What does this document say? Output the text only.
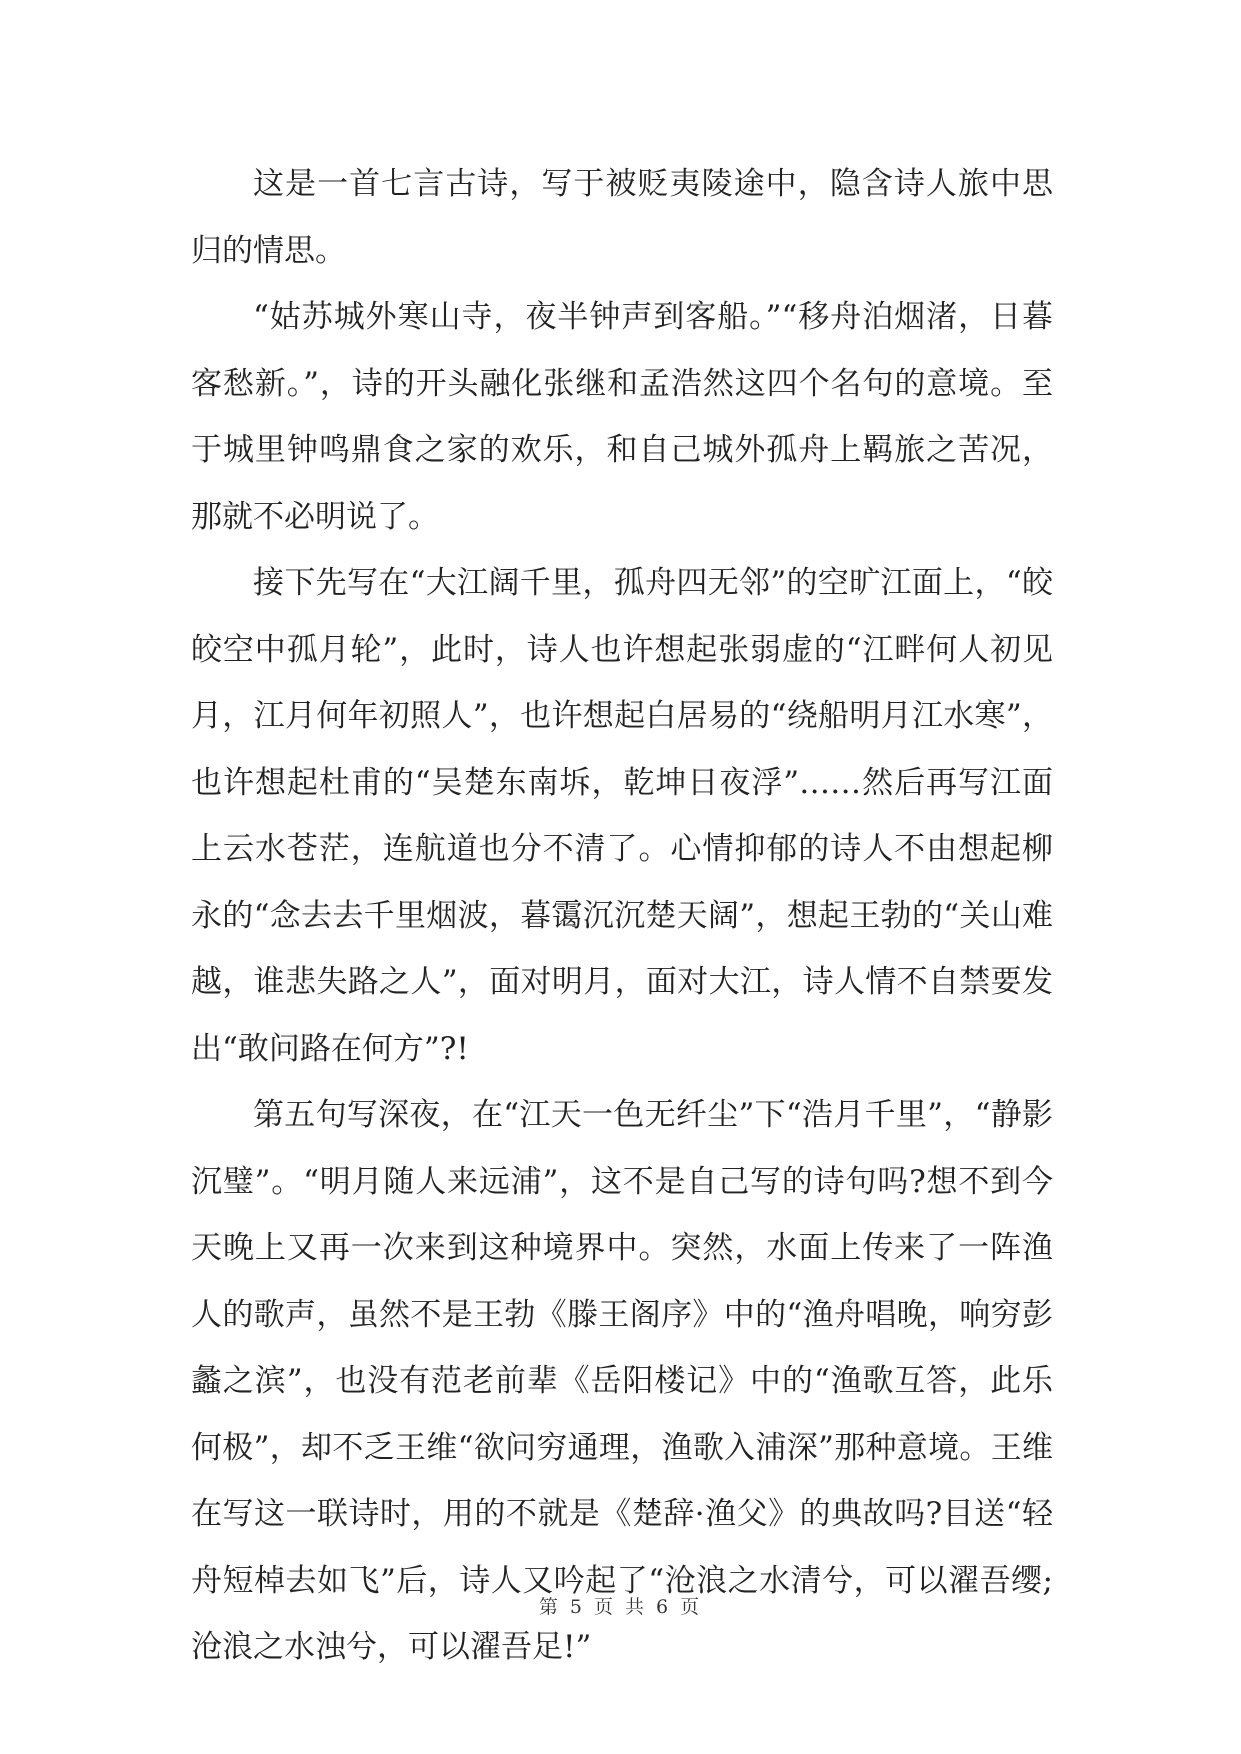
这是一首七言古诗，写于被贬夷陵途中，隐含诗人旅中思归的情思。

“姑苏城外寒山寺，夜半钟声到客船。”“移舟泊烟渚，日暮客愁新。”，诗的开头融化张继和孟浩然这四个名句的意境。至于城里钟鸣鼎食之家的欢乐，和自己城外孤舟上羁旅之苦况，那就不必明说了。

接下先写在“大江阔千里，孤舟四无邻”的空旷江面上，“皎皎空中孤月轮”，此时，诗人也许想起张弱虚的“江畔何人初见月，江月何年初照人”，也许想起白居易的“绕船明月江水寒”，也许想起杜甫的“吴楚东南坼，乾坤日夜浮”……然后再写江面上云水苍茫，连航道也分不清了。心情抑郁的诗人不由想起柳永的“念去去千里烟波，暮霭沉沉楚天阔”，想起王勃的“关山难越，谁悲失路之人”，面对明月，面对大江，诗人情不自禁要发出“敢问路在何方”?!

第五句写深夜，在“江天一色无纤尘”下“浩月千里”，“静影沉璧”。“明月随人来远浦”，这不是自己写的诗句吗?想不到今天晚上又再一次来到这种境界中。突然，水面上传来了一阵渔人的歌声，虽然不是王勃《滕王阁序》中的“渔舟唱晚，响穷彭蠡之滨”，也没有范老前辈《岳阳楼记》中的“渔歌互答，此乐何极”，却不乏王维“欲问穷通理，渔歌入浦深”那种意境。王维在写这一联诗时，用的不就是《楚辞·渔父》的典故吗?目送“轻舟短棹去如飞”后，诗人又吟起了“沧浪之水清兮，可以濯吾缨;沧浪之水浊兮，可以濯吾足!”

第 5 页 共 6 页
